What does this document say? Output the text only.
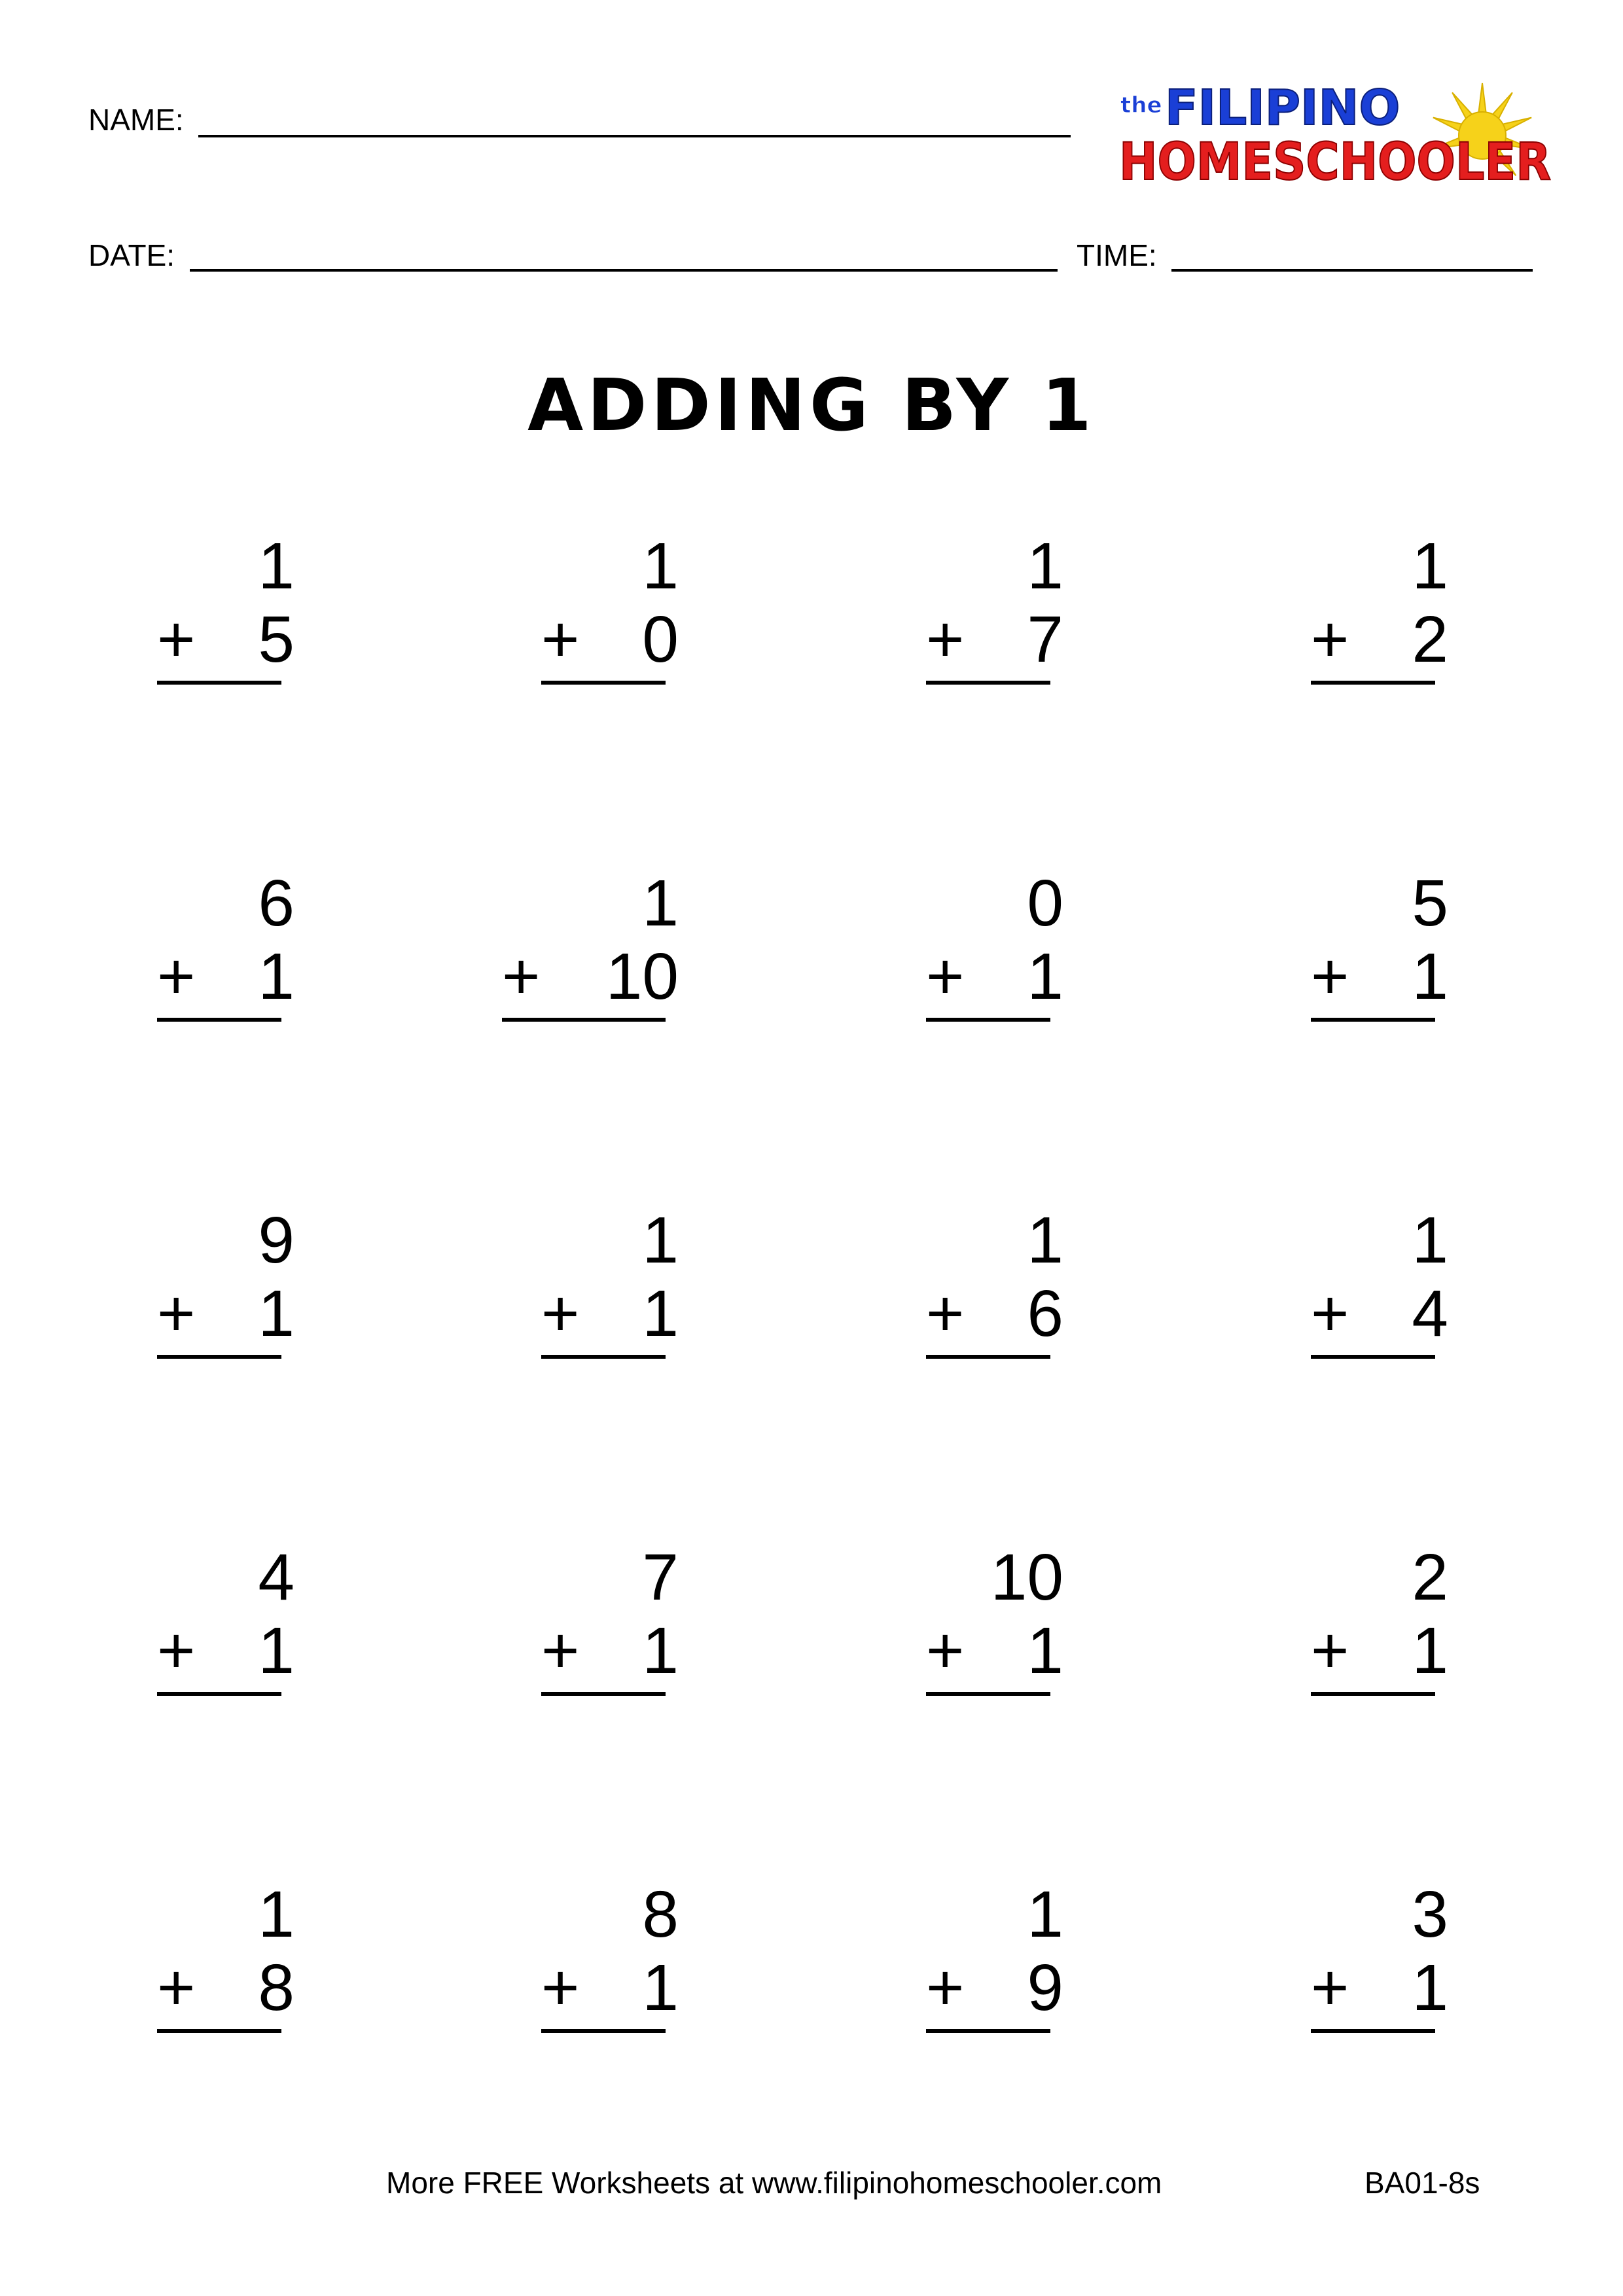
NAME:
DATE:	TIME:
the FILIPINO
HOMESCHOOLER
ADDING BY 1
1
+ 5
1
+ 0
1
+ 7
1
+ 2
6
+ 1
1
+ 10
0
+ 1
5
+ 1
9
+ 1
1
+ 1
1
+ 6
1
+ 4
4
+ 1
7
+ 1
10
+ 1
2
+ 1
1
+ 8
8
+ 1
1
+ 9
3
+ 1
More FREE Worksheets at www.filipinohomeschooler.com	BA01-8s
